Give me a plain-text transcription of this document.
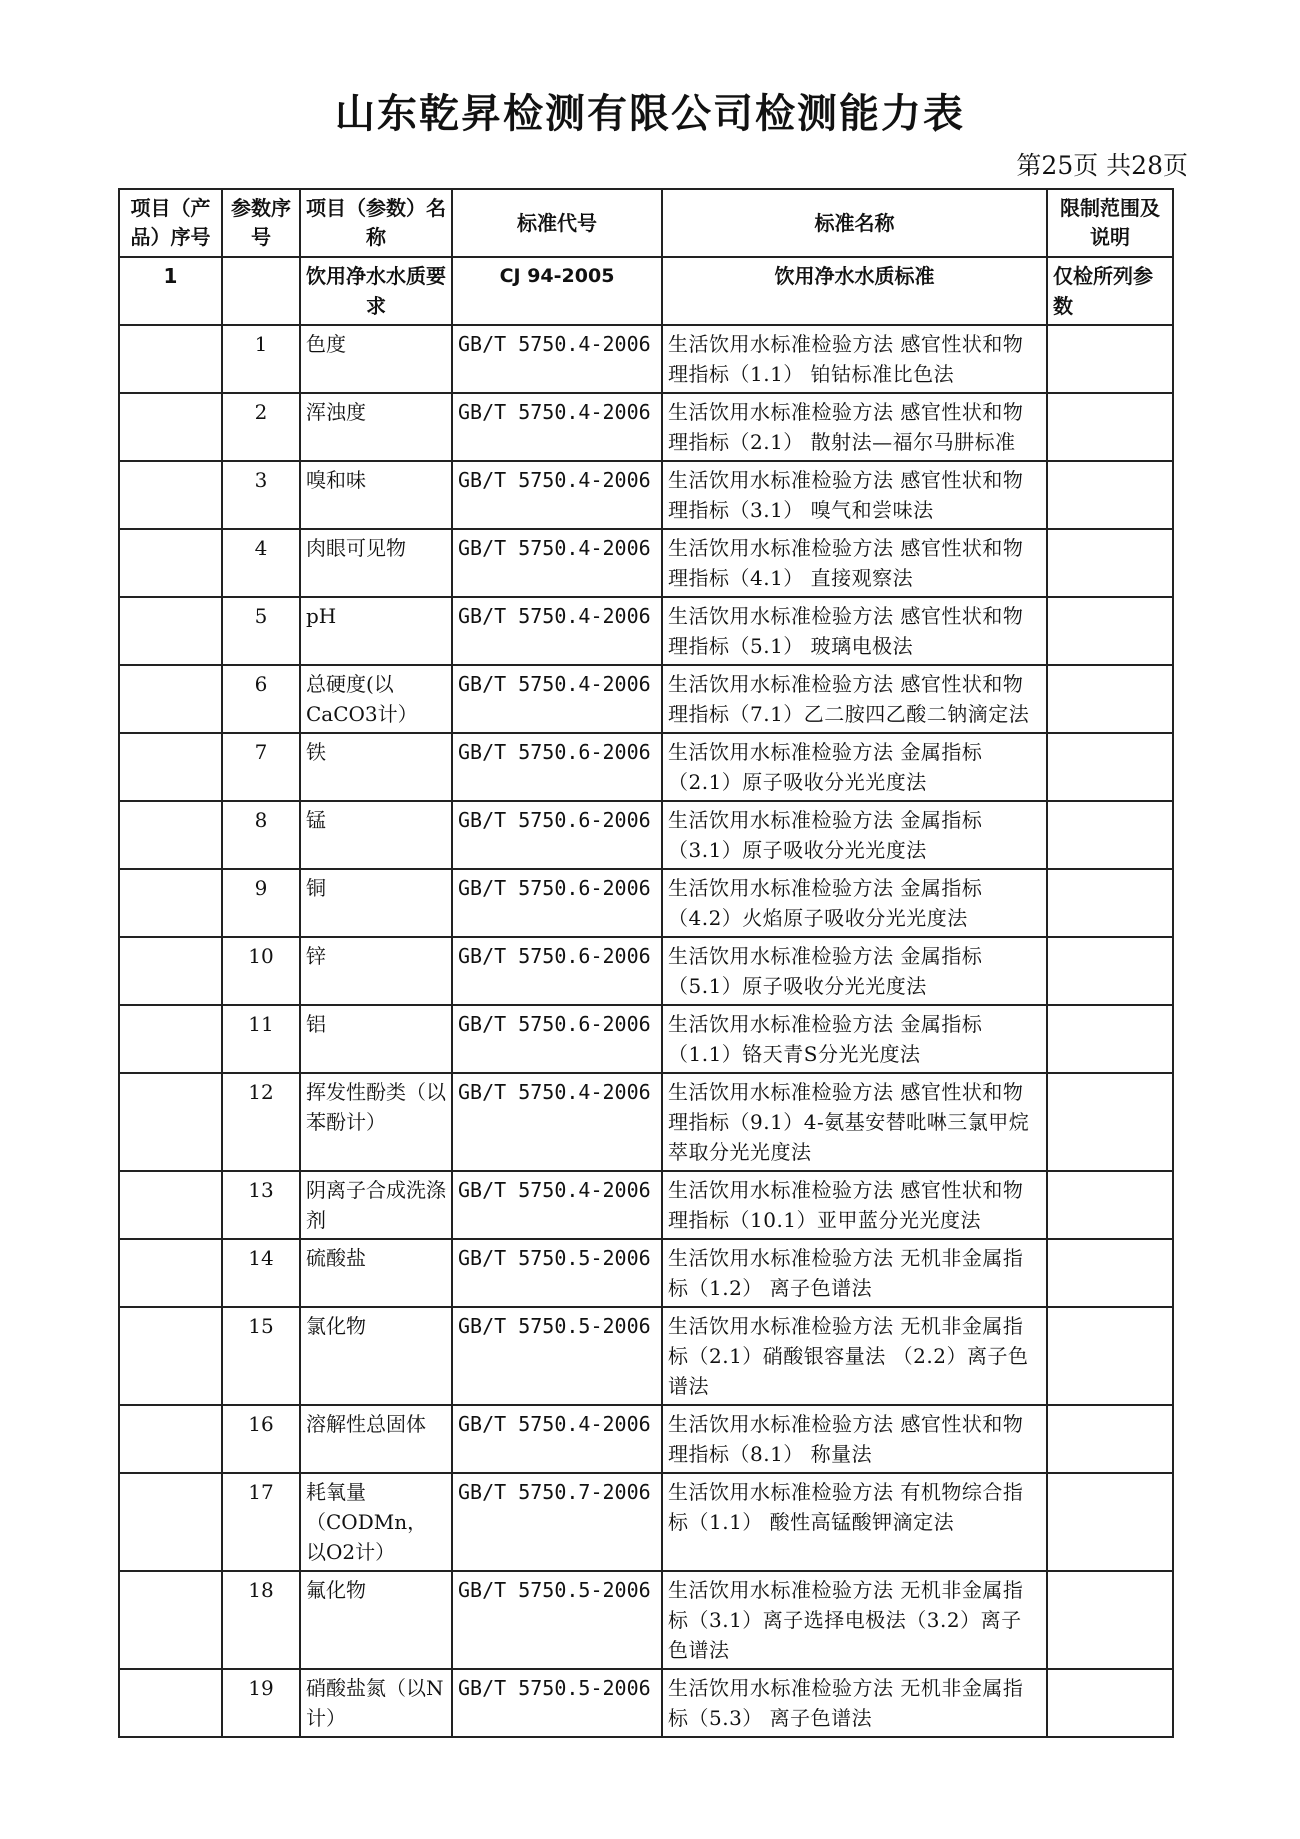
山东乾昇检测有限公司检测能力表
第25页 共28页
项目（产品）序号	参数序号	项目（参数）名称	标准代号	标准名称	限制范围及说明
1		饮用净水水质要求	CJ 94-2005	饮用净水水质标准	仅检所列参数
	1	色度	GB/T 5750.4-2006	生活饮用水标准检验方法 感官性状和物理指标（1.1） 铂钴标准比色法	
	2	浑浊度	GB/T 5750.4-2006	生活饮用水标准检验方法 感官性状和物理指标（2.1） 散射法—福尔马肼标准	
	3	嗅和味	GB/T 5750.4-2006	生活饮用水标准检验方法 感官性状和物理指标（3.1） 嗅气和尝味法	
	4	肉眼可见物	GB/T 5750.4-2006	生活饮用水标准检验方法 感官性状和物理指标（4.1） 直接观察法	
	5	pH	GB/T 5750.4-2006	生活饮用水标准检验方法 感官性状和物理指标（5.1） 玻璃电极法	
	6	总硬度(以CaCO3计）	GB/T 5750.4-2006	生活饮用水标准检验方法 感官性状和物理指标（7.1）乙二胺四乙酸二钠滴定法	
	7	铁	GB/T 5750.6-2006	生活饮用水标准检验方法 金属指标（2.1）原子吸收分光光度法	
	8	锰	GB/T 5750.6-2006	生活饮用水标准检验方法 金属指标（3.1）原子吸收分光光度法	
	9	铜	GB/T 5750.6-2006	生活饮用水标准检验方法 金属指标（4.2）火焰原子吸收分光光度法	
	10	锌	GB/T 5750.6-2006	生活饮用水标准检验方法 金属指标（5.1）原子吸收分光光度法	
	11	铝	GB/T 5750.6-2006	生活饮用水标准检验方法 金属指标（1.1）铬天青S分光光度法	
	12	挥发性酚类（以苯酚计）	GB/T 5750.4-2006	生活饮用水标准检验方法 感官性状和物理指标（9.1）4-氨基安替吡啉三氯甲烷萃取分光光度法	
	13	阴离子合成洗涤剂	GB/T 5750.4-2006	生活饮用水标准检验方法 感官性状和物理指标（10.1）亚甲蓝分光光度法	
	14	硫酸盐	GB/T 5750.5-2006	生活饮用水标准检验方法 无机非金属指标（1.2） 离子色谱法	
	15	氯化物	GB/T 5750.5-2006	生活饮用水标准检验方法 无机非金属指标（2.1）硝酸银容量法 （2.2）离子色谱法	
	16	溶解性总固体	GB/T 5750.4-2006	生活饮用水标准检验方法 感官性状和物理指标（8.1） 称量法	
	17	耗氧量（CODMn，以O2计）	GB/T 5750.7-2006	生活饮用水标准检验方法 有机物综合指标（1.1） 酸性高锰酸钾滴定法	
	18	氟化物	GB/T 5750.5-2006	生活饮用水标准检验方法 无机非金属指标（3.1）离子选择电极法（3.2）离子色谱法	
	19	硝酸盐氮（以N计）	GB/T 5750.5-2006	生活饮用水标准检验方法 无机非金属指标（5.3） 离子色谱法	
